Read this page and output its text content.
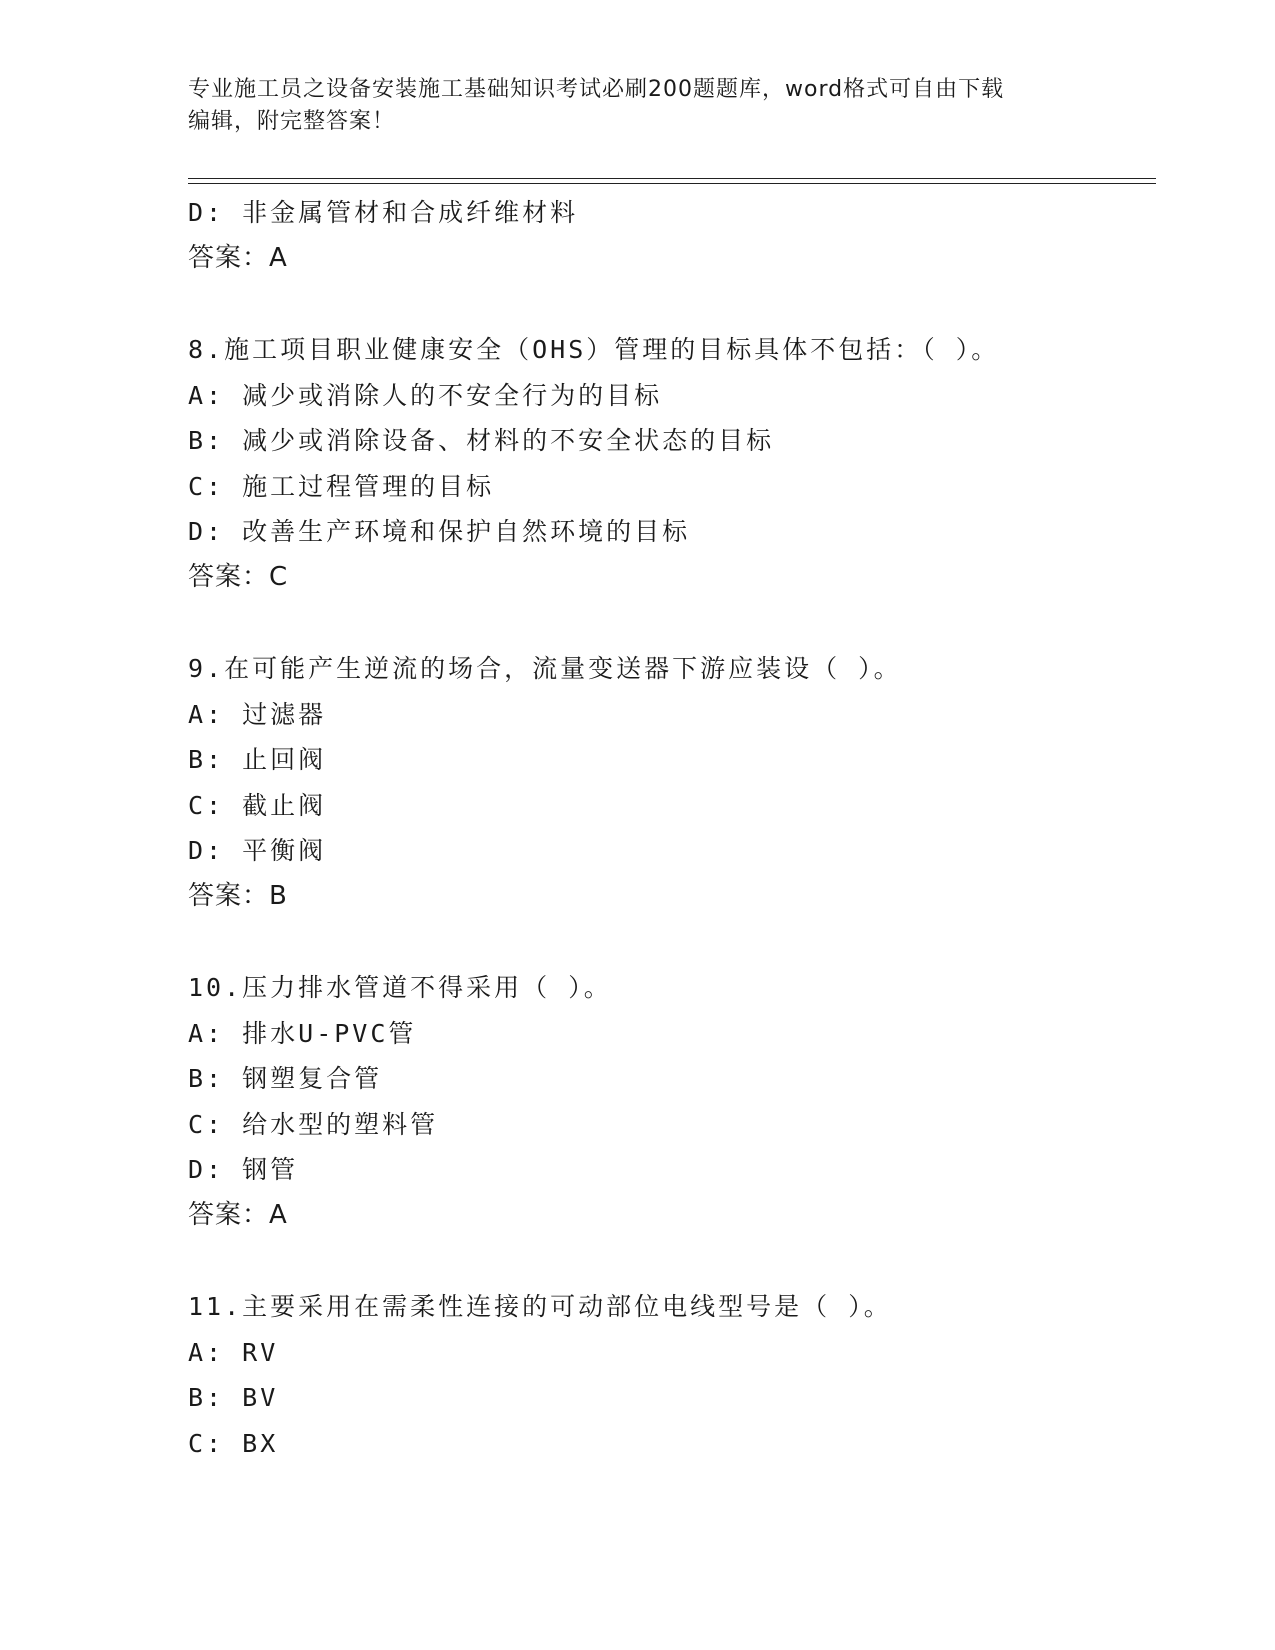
专业施工员之设备安装施工基础知识考试必刷200题题库，word格式可自由下载
编辑，附完整答案！
D: 非金属管材和合成纤维材料
答案：A
8.施工项目职业健康安全（OHS）管理的目标具体不包括：（ ）。
A: 减少或消除人的不安全行为的目标
B: 减少或消除设备、材料的不安全状态的目标
C: 施工过程管理的目标
D: 改善生产环境和保护自然环境的目标
答案：C
9.在可能产生逆流的场合，流量变送器下游应装设（ ）。
A: 过滤器
B: 止回阀
C: 截止阀
D: 平衡阀
答案：B
10.压力排水管道不得采用（ ）。
A: 排水U-PVC管
B: 钢塑复合管
C: 给水型的塑料管
D: 钢管
答案：A
11.主要采用在需柔性连接的可动部位电线型号是（ ）。
A: RV
B: BV
C: BX
